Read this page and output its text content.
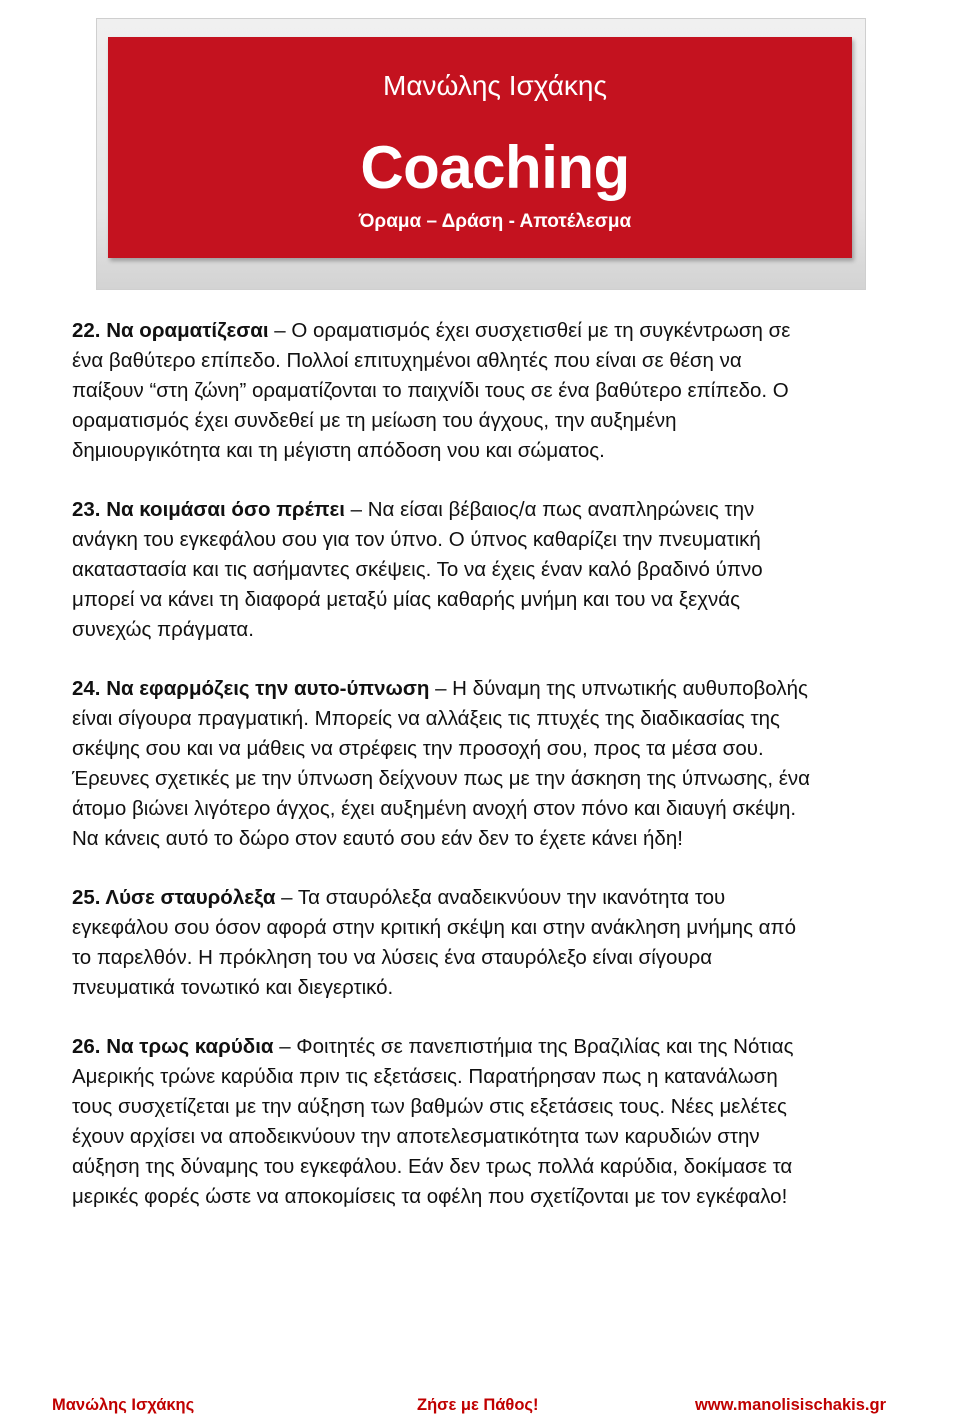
Μανώλης Ισχάκης
Coaching
Όραμα – Δράση - Αποτέλεσμα
22. Να οραματίζεσαι – Ο οραματισμός έχει συσχετισθεί με τη συγκέντρωση σε
ένα βαθύτερο επίπεδο. Πολλοί επιτυχημένοι αθλητές που είναι σε θέση να
παίξουν “στη ζώνη” οραματίζονται το παιχνίδι τους σε ένα βαθύτερο επίπεδο. Ο
οραματισμός έχει συνδεθεί με τη μείωση του άγχους, την αυξημένη
δημιουργικότητα και τη μέγιστη απόδοση νου και σώματος.
23. Να κοιμάσαι όσο πρέπει – Να είσαι βέβαιος/α πως αναπληρώνεις την
ανάγκη του εγκεφάλου σου για τον ύπνο. Ο ύπνος καθαρίζει την πνευματική
ακαταστασία και τις ασήμαντες σκέψεις. Το να έχεις έναν καλό βραδινό ύπνο
μπορεί να κάνει τη διαφορά μεταξύ μίας καθαρής μνήμη και του να ξεχνάς
συνεχώς πράγματα.
24. Να εφαρμόζεις την αυτο-ύπνωση – Η δύναμη της υπνωτικής αυθυποβολής
είναι σίγουρα πραγματική. Μπορείς να αλλάξεις τις πτυχές της διαδικασίας της
σκέψης σου και να μάθεις να στρέφεις την προσοχή σου, προς τα μέσα σου.
Έρευνες σχετικές με την ύπνωση δείχνουν πως με την άσκηση της ύπνωσης, ένα
άτομο βιώνει λιγότερο άγχος, έχει αυξημένη ανοχή στον πόνο και διαυγή σκέψη.
Να κάνεις αυτό το δώρο στον εαυτό σου εάν δεν το έχετε κάνει ήδη!
25. Λύσε σταυρόλεξα – Τα σταυρόλεξα αναδεικνύουν την ικανότητα του
εγκεφάλου σου όσον αφορά στην κριτική σκέψη και στην ανάκληση μνήμης από
το παρελθόν. Η πρόκληση του να λύσεις ένα σταυρόλεξο είναι σίγουρα
πνευματικά τονωτικό και διεγερτικό.
26. Να τρως καρύδια – Φοιτητές σε πανεπιστήμια της Βραζιλίας και της Νότιας
Αμερικής τρώνε καρύδια πριν τις εξετάσεις. Παρατήρησαν πως η κατανάλωση
τους συσχετίζεται με την αύξηση των βαθμών στις εξετάσεις τους. Νέες μελέτες
έχουν αρχίσει να αποδεικνύουν την αποτελεσματικότητα των καρυδιών στην
αύξηση της δύναμης του εγκεφάλου. Εάν δεν τρως πολλά καρύδια, δοκίμασε τα
μερικές φορές ώστε να αποκομίσεις τα οφέλη που σχετίζονται με τον εγκέφαλο!
Μανώλης Ισχάκης	Ζήσε με Πάθος!	www.manolisischakis.gr
